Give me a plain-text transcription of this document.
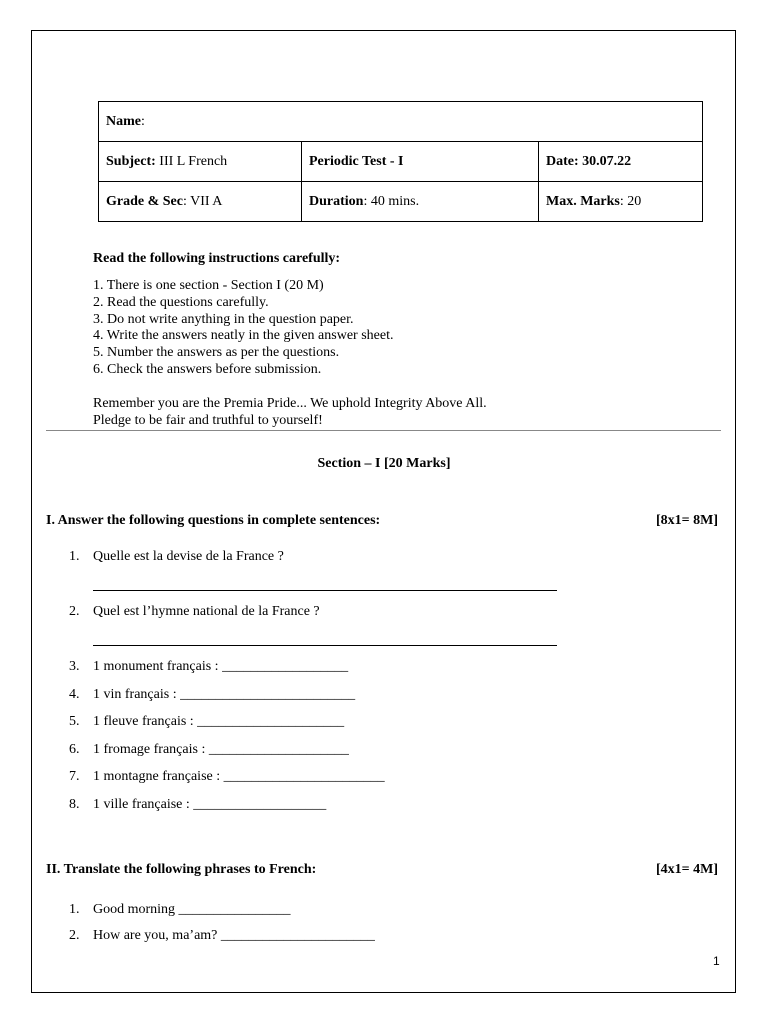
Name:		
Subject: III L French	Periodic Test - I	Date: 30.07.22
Grade & Sec: VII A	Duration: 40 mins.	Max. Marks: 20
Read the following instructions carefully:
1. There is one section - Section I (20 M)
2. Read the questions carefully.
3. Do not write anything in the question paper.
4. Write the answers neatly in the given answer sheet.
5. Number the answers as per the questions.
6. Check the answers before submission.
Remember you are the Premia Pride... We uphold Integrity Above All.
Pledge to be fair and truthful to yourself!
Section – I [20 Marks]
I. Answer the following questions in complete sentences:	[8x1= 8M]
1. Quelle est la devise de la France ?
2. Quel est l’hymne national de la France ?
3. 1 monument français : __________________
4. 1 vin français : _________________________
5. 1 fleuve français : _____________________
6. 1 fromage français : ____________________
7. 1 montagne française : _______________________
8. 1 ville française : ___________________
II. Translate the following phrases to French:	[4x1= 4M]
1. Good morning ________________
2. How are you, ma’am? ______________________
1
